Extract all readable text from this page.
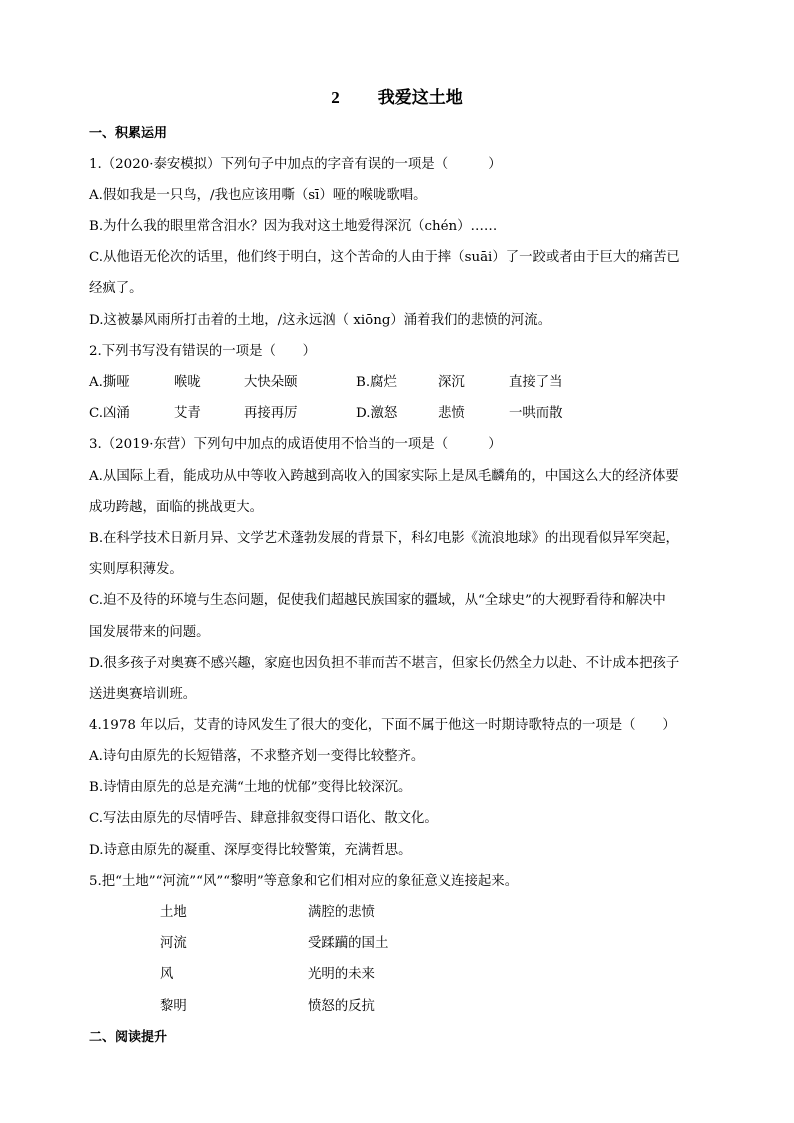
2 我爱这土地
一、积累运用
1.（2020·泰安模拟）下列句子中加点的字音有误的一项是（　　　）
A.假如我是一只鸟，/我也应该用嘶（sī）哑的喉咙歌唱。
B.为什么我的眼里常含泪水？因为我对这土地爱得深沉（chén）……
C.从他语无伦次的话里，他们终于明白，这个苦命的人由于摔（suāi）了一跤或者由于巨大的痛苦已
经疯了。
D.这被暴风雨所打击着的土地，/这永远汹（ xiōng）涌着我们的悲愤的河流。
2.下列书写没有错误的一项是（　　）
A.撕哑	喉咙	大快朵颐	B.腐烂	深沉	直接了当
C.凶涌	艾青	再接再厉	D.激怒	悲愤	一哄而散
3.（2019·东营）下列句中加点的成语使用不恰当的一项是（　　　）
A.从国际上看，能成功从中等收入跨越到高收入的国家实际上是凤毛麟角的，中国这么大的经济体要
成功跨越，面临的挑战更大。
B.在科学技术日新月异、文学艺术蓬勃发展的背景下，科幻电影《流浪地球》的出现看似异军突起，
实则厚积薄发。
C.迫不及待的环境与生态问题，促使我们超越民族国家的疆域，从“全球史”的大视野看待和解决中
国发展带来的问题。
D.很多孩子对奥赛不感兴趣，家庭也因负担不菲而苦不堪言，但家长仍然全力以赴、不计成本把孩子
送进奥赛培训班。
4.1978 年以后，艾青的诗风发生了很大的变化，下面不属于他这一时期诗歌特点的一项是（　　）
A.诗句由原先的长短错落，不求整齐划一变得比较整齐。
B.诗情由原先的总是充满“土地的忧郁”变得比较深沉。
C.写法由原先的尽情呼告、肆意排叙变得口语化、散文化。
D.诗意由原先的凝重、深厚变得比较警策，充满哲思。
5.把“土地”“河流”“风”“黎明”等意象和它们相对应的象征意义连接起来。
土地	满腔的悲愤
河流	受蹂躏的国土
风	光明的未来
黎明	愤怒的反抗
二、阅读提升
